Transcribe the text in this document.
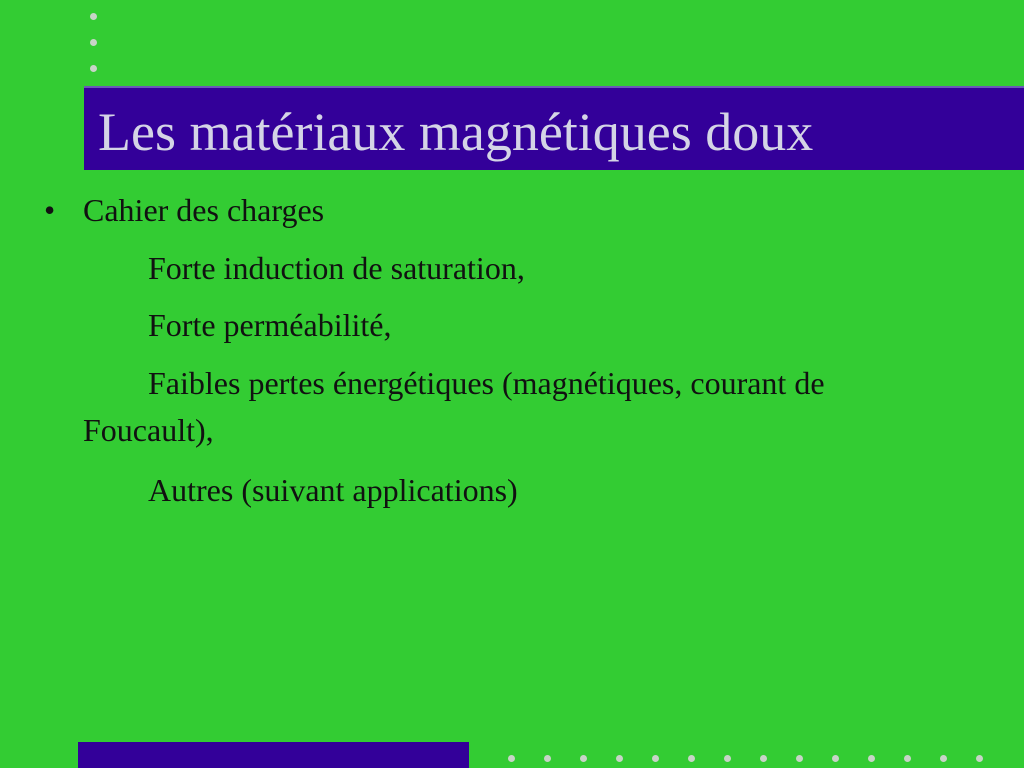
Les matériaux magnétiques doux
• Cahier des charges
Forte induction de saturation,
Forte perméabilité,
Faibles pertes énergétiques (magnétiques, courant de
Foucault),
Autres (suivant applications)
